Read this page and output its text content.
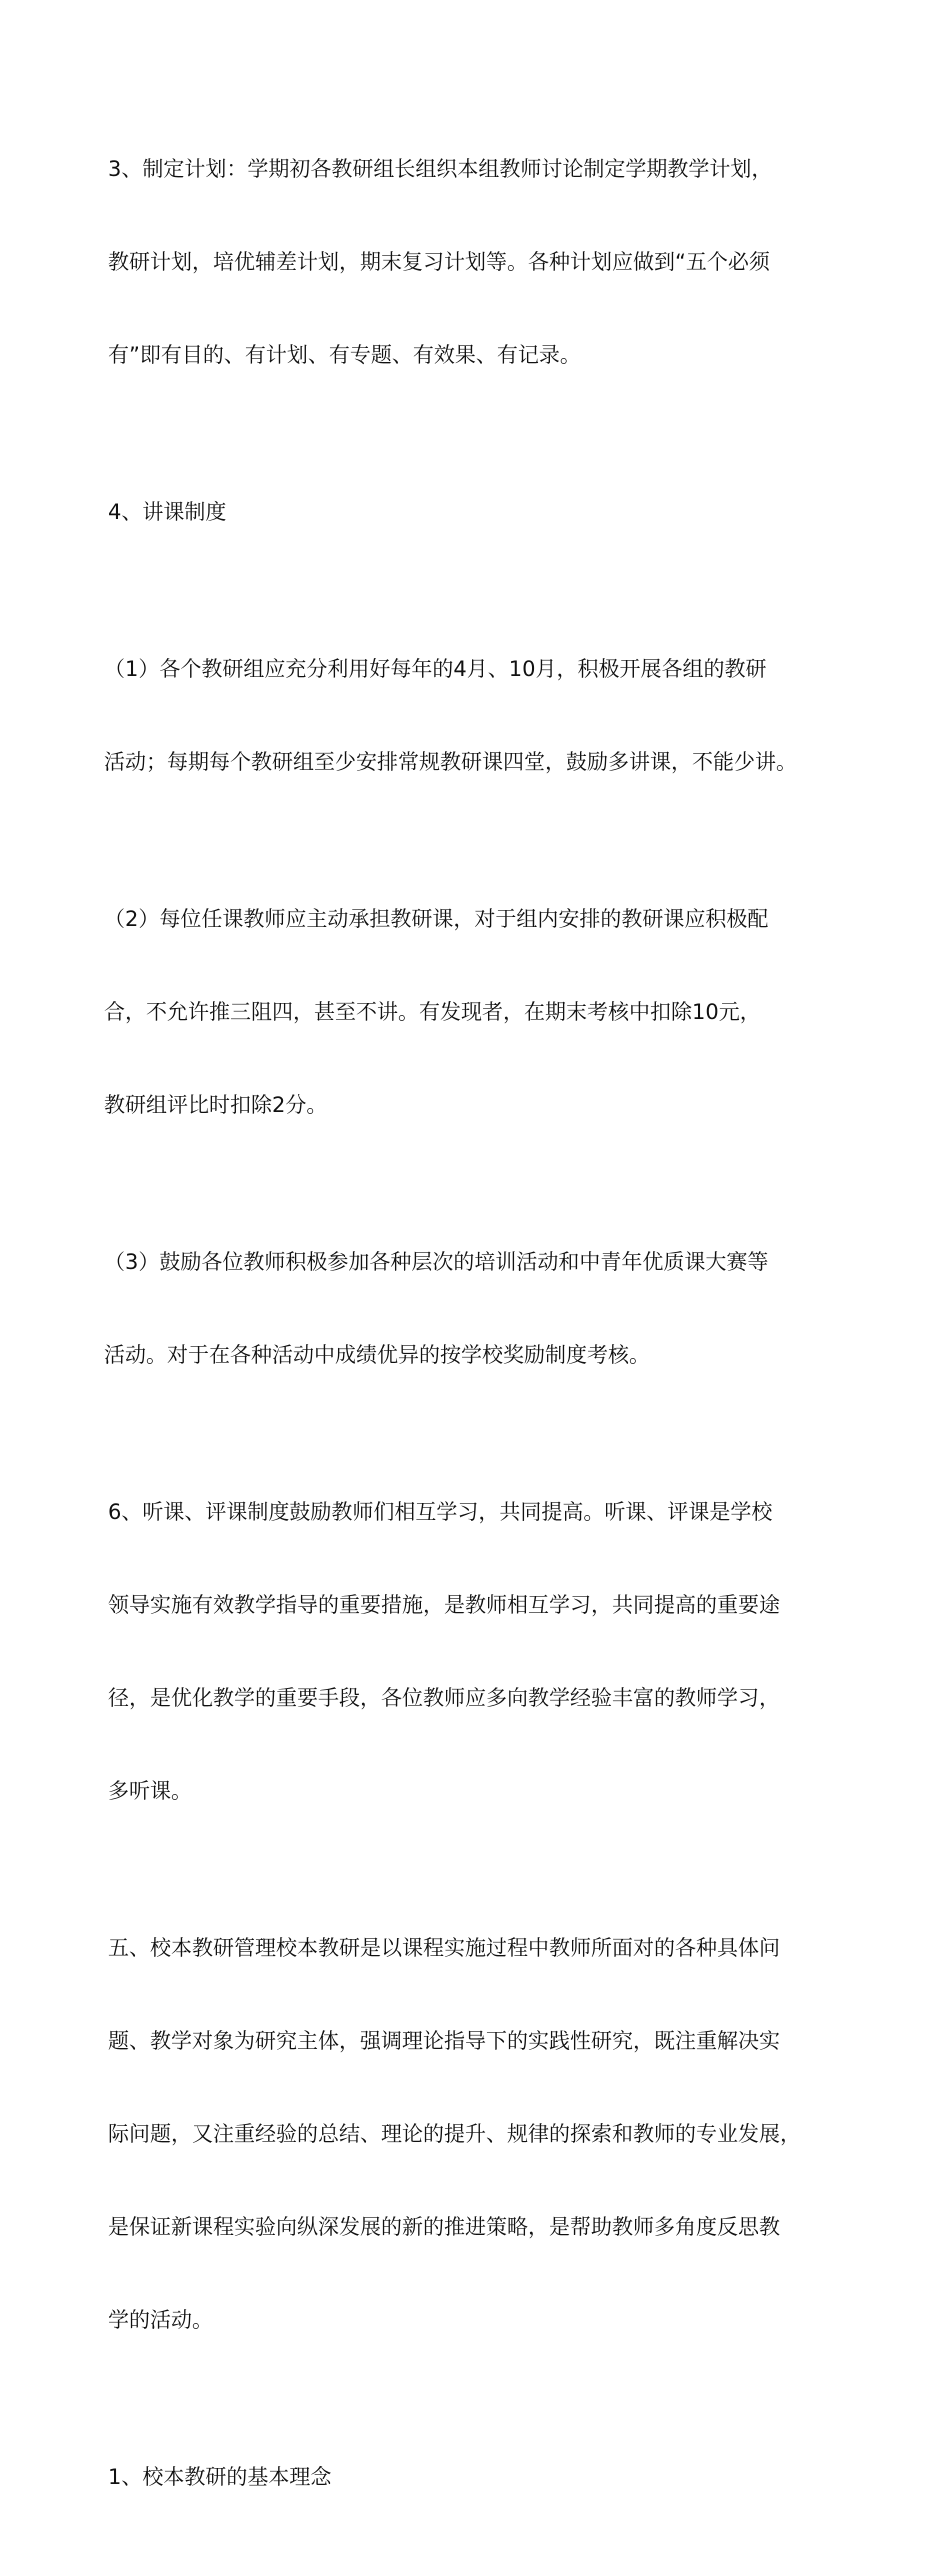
3、制定计划：学期初各教研组长组织本组教师讨论制定学期教学计划，

教研计划，培优辅差计划，期末复习计划等。各种计划应做到“五个必须

有”即有目的、有计划、有专题、有效果、有记录。

4、讲课制度

（1）各个教研组应充分利用好每年的4月、10月，积极开展各组的教研

活动；每期每个教研组至少安排常规教研课四堂，鼓励多讲课，不能少讲。

（2）每位任课教师应主动承担教研课，对于组内安排的教研课应积极配

合，不允许推三阻四，甚至不讲。有发现者，在期末考核中扣除10元，

教研组评比时扣除2分。

（3）鼓励各位教师积极参加各种层次的培训活动和中青年优质课大赛等

活动。对于在各种活动中成绩优异的按学校奖励制度考核。

6、听课、评课制度鼓励教师们相互学习，共同提高。听课、评课是学校

领导实施有效教学指导的重要措施，是教师相互学习，共同提高的重要途

径，是优化教学的重要手段，各位教师应多向教学经验丰富的教师学习，

多听课。

五、校本教研管理校本教研是以课程实施过程中教师所面对的各种具体问

题、教学对象为研究主体，强调理论指导下的实践性研究，既注重解决实

际问题，又注重经验的总结、理论的提升、规律的探索和教师的专业发展，

是保证新课程实验向纵深发展的新的推进策略，是帮助教师多角度反思教

学的活动。

1、校本教研的基本理念
